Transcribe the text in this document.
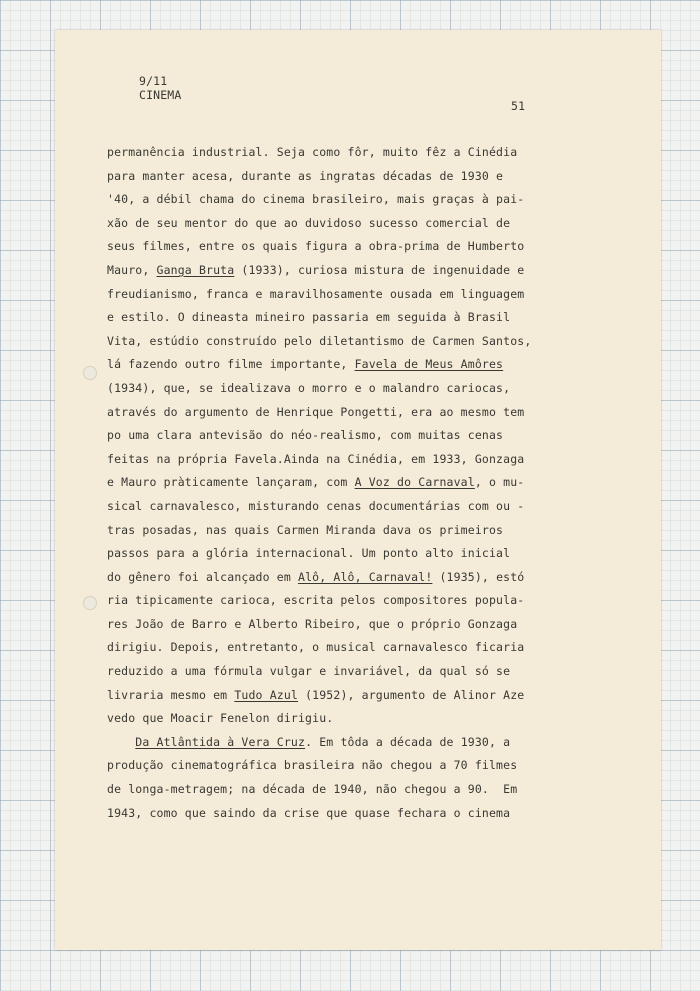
9/11
CINEMA
51
permanência industrial. Seja como fôr, muito fêz a Cinédia
para manter acesa, durante as ingratas décadas de 1930 e
'40, a débil chama do cinema brasileiro, mais graças à pai-
xão de seu mentor do que ao duvidoso sucesso comercial de
seus filmes, entre os quais figura a obra-prima de Humberto
Mauro, Ganga Bruta (1933), curiosa mistura de ingenuidade e
freudianismo, franca e maravilhosamente ousada em linguagem
e estilo. O dineasta mineiro passaria em seguida à Brasil
Vita, estúdio construído pelo diletantismo de Carmen Santos,
lá fazendo outro filme importante, Favela de Meus Amôres
(1934), que, se idealizava o morro e o malandro cariocas,
através do argumento de Henrique Pongetti, era ao mesmo tem
po uma clara antevisão do néo-realismo, com muitas cenas
feitas na própria Favela.Ainda na Cinédia, em 1933, Gonzaga
e Mauro pràticamente lançaram, com A Voz do Carnaval, o mu-
sical carnavalesco, misturando cenas documentárias com ou -
tras posadas, nas quais Carmen Miranda dava os primeiros
passos para a glória internacional. Um ponto alto inicial
do gênero foi alcançado em Alô, Alô, Carnaval! (1935), estó
ria tipicamente carioca, escrita pelos compositores popula-
res João de Barro e Alberto Ribeiro, que o próprio Gonzaga
dirigiu. Depois, entretanto, o musical carnavalesco ficaria
reduzido a uma fórmula vulgar e invariável, da qual só se
livraria mesmo em Tudo Azul (1952), argumento de Alinor Aze
vedo que Moacir Fenelon dirigiu.
Da Atlântida à Vera Cruz. Em tôda a década de 1930, a
produção cinematográfica brasileira não chegou a 70 filmes
de longa-metragem; na década de 1940, não chegou a 90.  Em
1943, como que saindo da crise que quase fechara o cinema
